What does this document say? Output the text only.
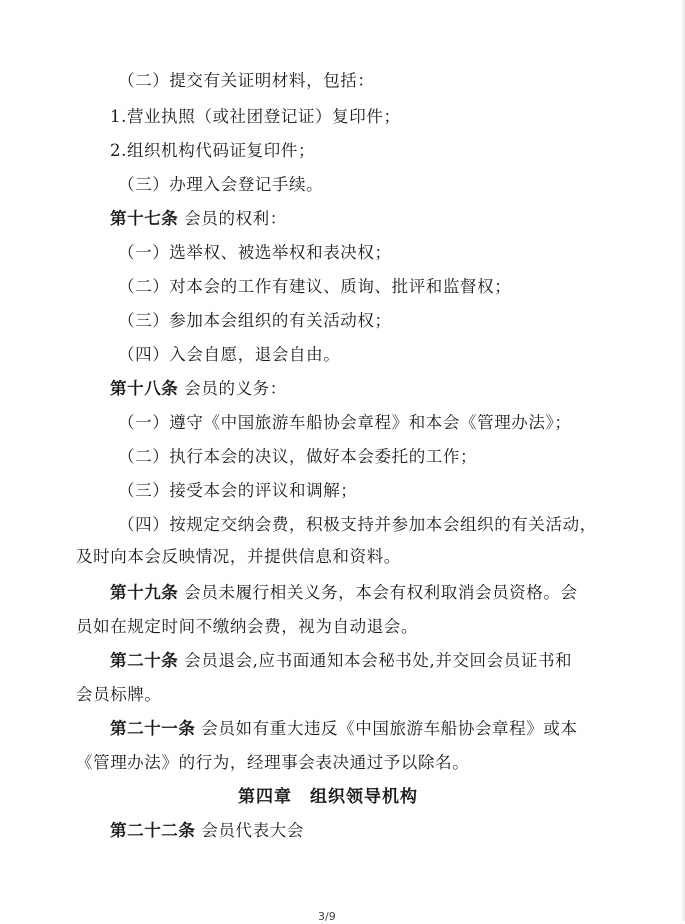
（二）提交有关证明材料，包括：
1.营业执照（或社团登记证）复印件；
2.组织机构代码证复印件；
（三）办理入会登记手续。
第十七条 会员的权利：
（一）选举权、被选举权和表决权；
（二）对本会的工作有建议、质询、批评和监督权；
（三）参加本会组织的有关活动权；
（四）入会自愿，退会自由。
第十八条 会员的义务：
（一）遵守《中国旅游车船协会章程》和本会《管理办法》；
（二）执行本会的决议，做好本会委托的工作；
（三）接受本会的评议和调解；
（四）按规定交纳会费，积极支持并参加本会组织的有关活动，
及时向本会反映情况，并提供信息和资料。
第十九条 会员未履行相关义务，本会有权利取消会员资格。会
员如在规定时间不缴纳会费，视为自动退会。
第二十条 会员退会,应书面通知本会秘书处,并交回会员证书和
会员标牌。
第二十一条 会员如有重大违反《中国旅游车船协会章程》或本
《管理办法》的行为，经理事会表决通过予以除名。
第四章　组织领导机构
第二十二条 会员代表大会
3/9
